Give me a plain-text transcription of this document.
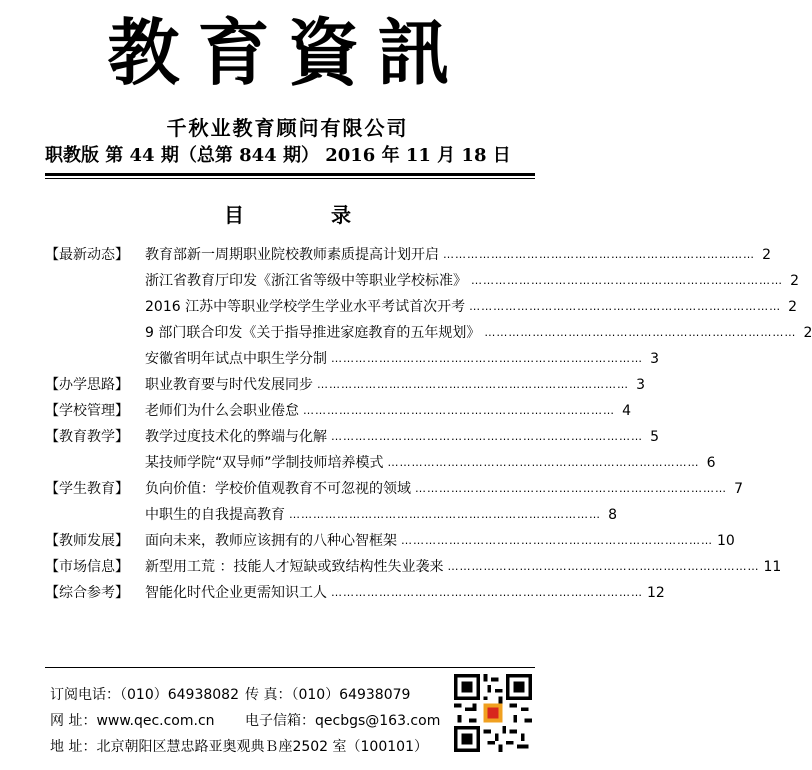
教育資訊
千秋业教育顾问有限公司
职教版 第 44 期（总第 844 期） 2016 年 11 月 18 日
目 录
【最新动态】	教育部新一周期职业院校教师素质提高计划开启 …………………………………………………………………… 2
浙江省教育厅印发《浙江省等级中等职业学校标准》 …………………………………………………………………… 2
2016 江苏中等职业学校学生学业水平考试首次开考 …………………………………………………………………… 2
9 部门联合印发《关于指导推进家庭教育的五年规划》 …………………………………………………………………… 2
安徽省明年试点中职生学分制 …………………………………………………………………… 3
【办学思路】	职业教育要与时代发展同步 …………………………………………………………………… 3
【学校管理】	老师们为什么会职业倦怠 …………………………………………………………………… 4
【教育教学】	教学过度技术化的弊端与化解 …………………………………………………………………… 5
某技师学院“双导师”学制技师培养模式 …………………………………………………………………… 6
【学生教育】	负向价值：学校价值观教育不可忽视的领域 …………………………………………………………………… 7
中职生的自我提高教育 …………………………………………………………………… 8
【教师发展】	面向未来，教师应该拥有的八种心智框架 …………………………………………………………………… 10
【市场信息】	新型用工荒 ：技能人才短缺或致结构性失业袭来 …………………………………………………………………… 11
【综合参考】	智能化时代企业更需知识工人 …………………………………………………………………… 12
订阅电话：（010）64938082 传 真：（010）64938079
网 址：www.qec.com.cn 电子信箱：qecbgs@163.com
地 址：北京朝阳区慧忠路亚奥观典Ｂ座2502 室（100101）
